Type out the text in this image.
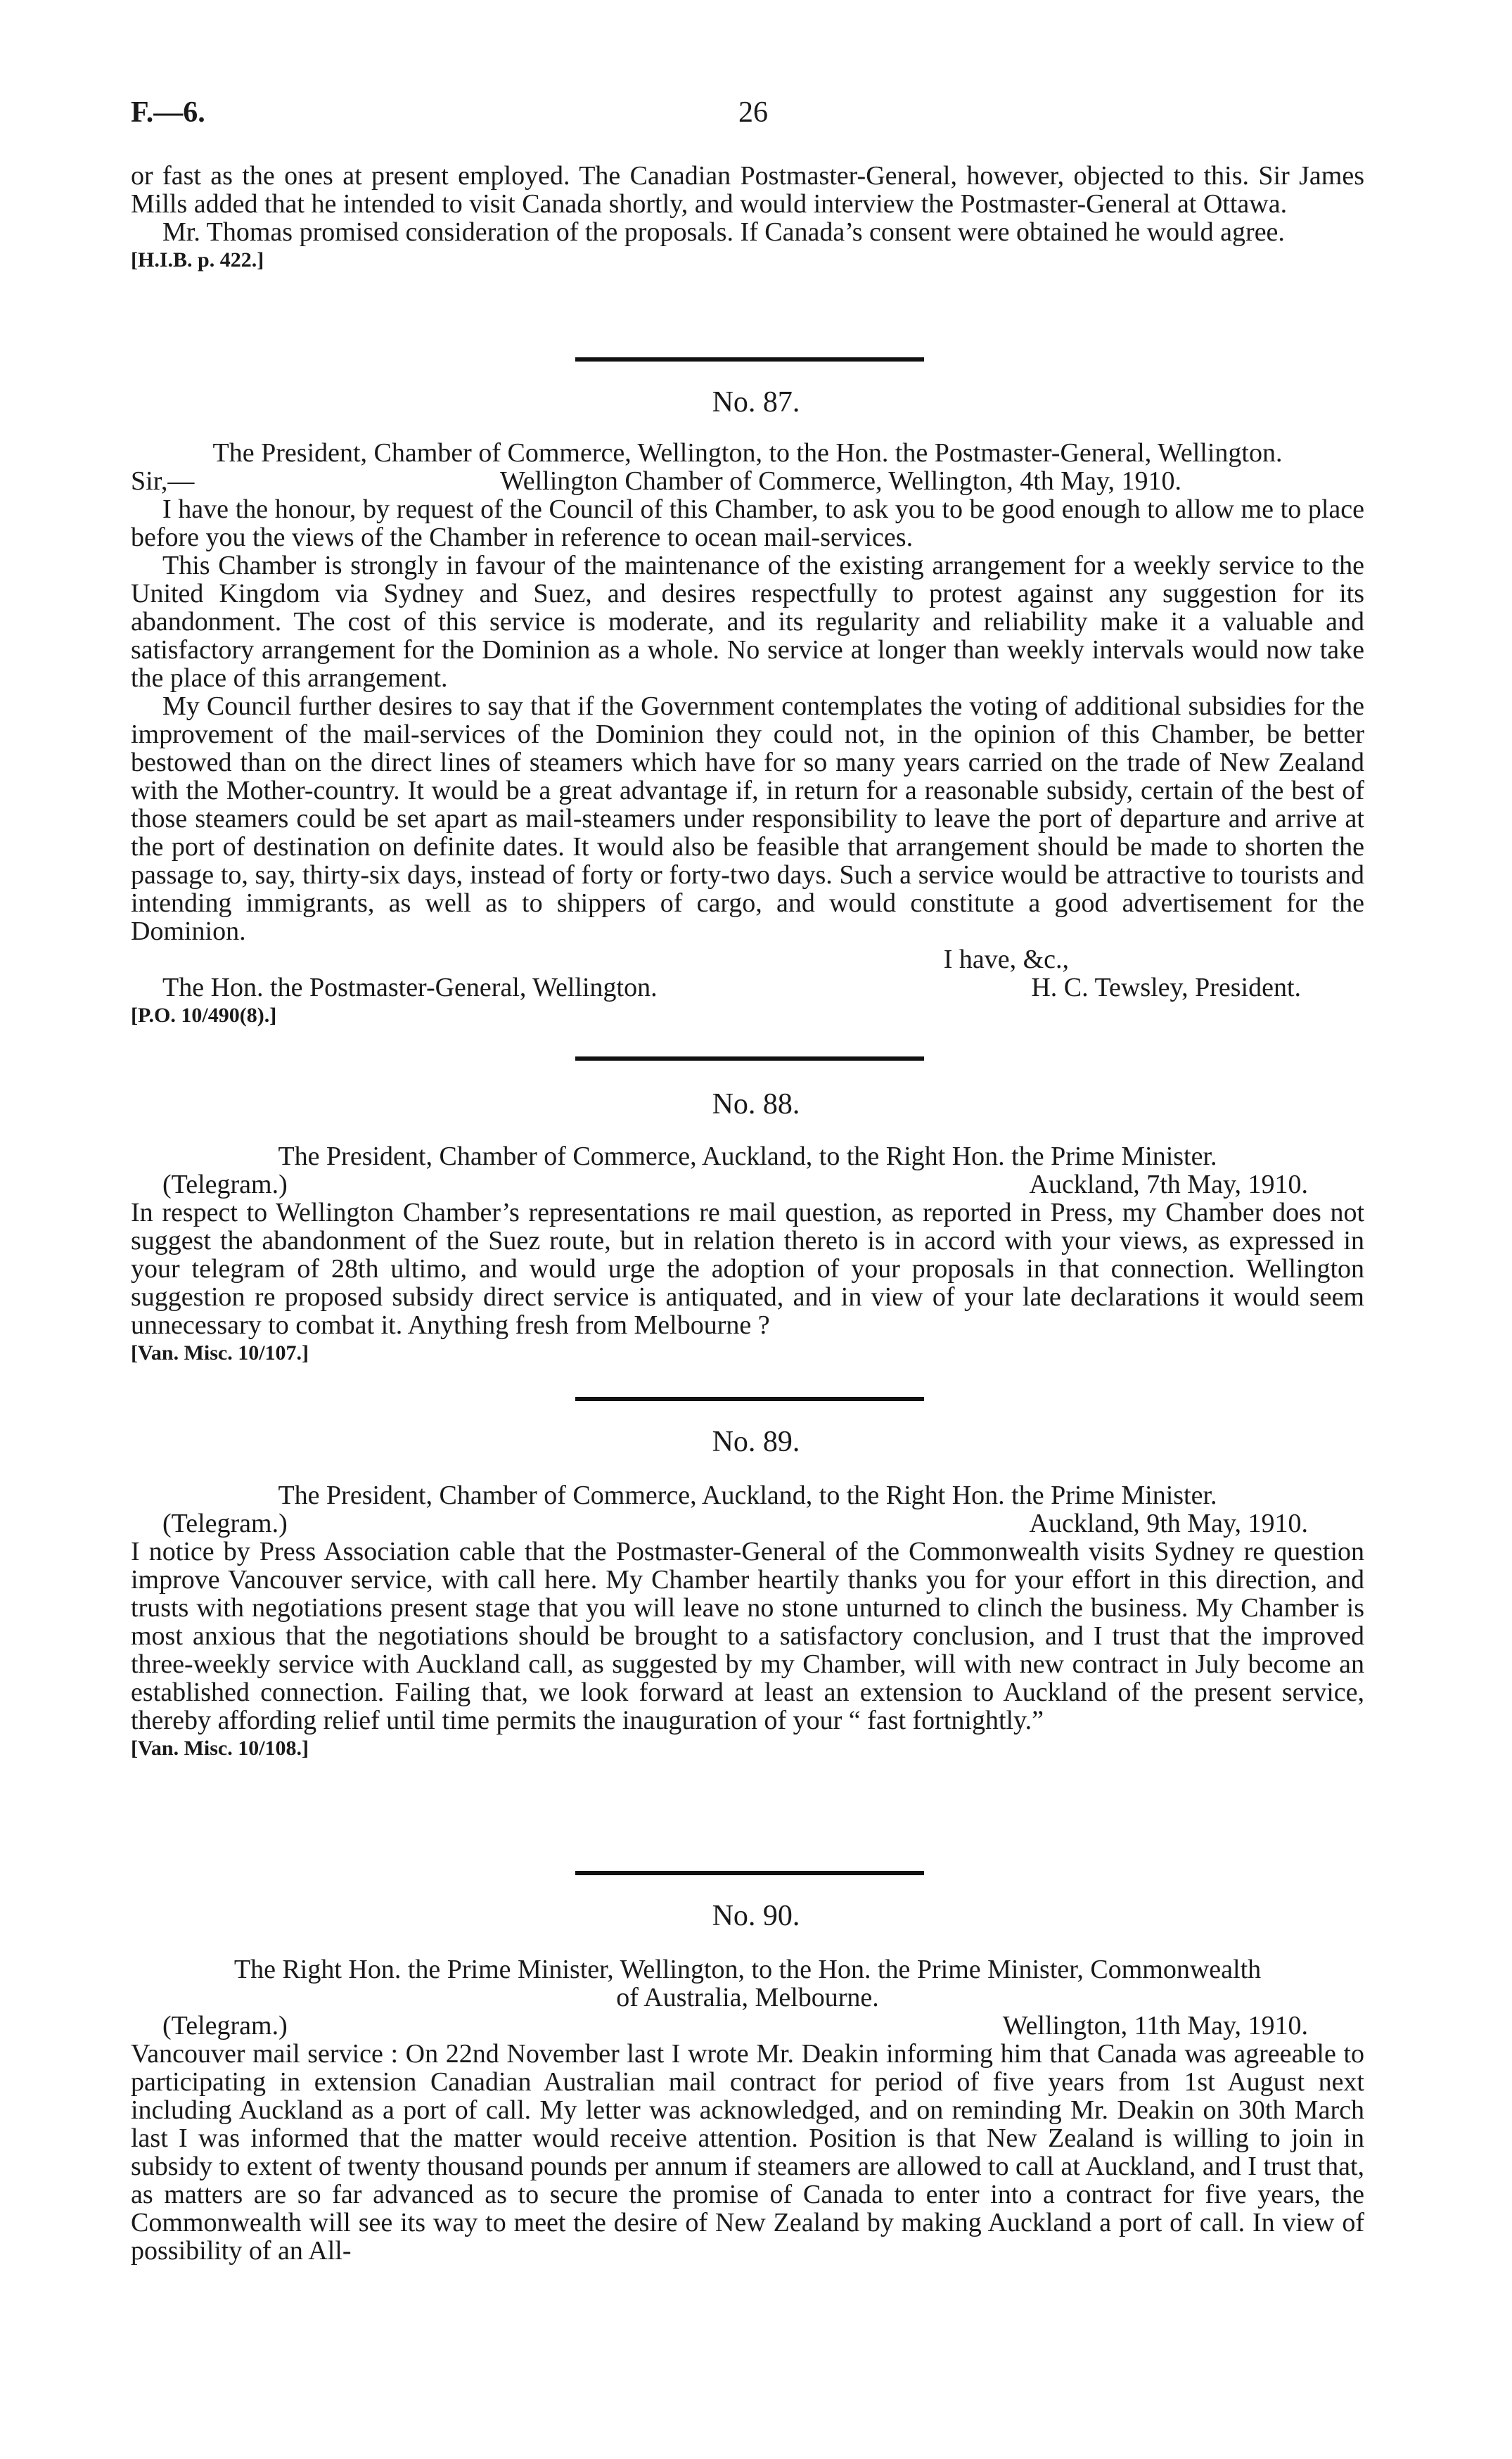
F.—6.	26

or fast as the ones at present employed. The Canadian Postmaster-General, however, objected to this. Sir James Mills added that he intended to visit Canada shortly, and would interview the Postmaster-General at Ottawa.

Mr. Thomas promised consideration of the proposals. If Canada’s consent were obtained he would agree.

[H.I.B. p. 422.]

No. 87.

The President, Chamber of Commerce, Wellington, to the Hon. the Postmaster-General, Wellington.

Sir,—	Wellington Chamber of Commerce, Wellington, 4th May, 1910.

I have the honour, by request of the Council of this Chamber, to ask you to be good enough to allow me to place before you the views of the Chamber in reference to ocean mail-services.

This Chamber is strongly in favour of the maintenance of the existing arrangement for a weekly service to the United Kingdom via Sydney and Suez, and desires respectfully to protest against any suggestion for its abandonment. The cost of this service is moderate, and its regularity and reliability make it a valuable and satisfactory arrangement for the Dominion as a whole. No service at longer than weekly intervals would now take the place of this arrangement.

My Council further desires to say that if the Government contemplates the voting of additional subsidies for the improvement of the mail-services of the Dominion they could not, in the opinion of this Chamber, be better bestowed than on the direct lines of steamers which have for so many years carried on the trade of New Zealand with the Mother-country. It would be a great advantage if, in return for a reasonable subsidy, certain of the best of those steamers could be set apart as mail-steamers under responsibility to leave the port of departure and arrive at the port of destination on definite dates. It would also be feasible that arrangement should be made to shorten the passage to, say, thirty-six days, instead of forty or forty-two days. Such a service would be attractive to tourists and intending immigrants, as well as to shippers of cargo, and would constitute a good advertisement for the Dominion.

I have, &c.,

The Hon. the Postmaster-General, Wellington.	H. C. Tewsley, President.

[P.O. 10/490(8).]

No. 88.

The President, Chamber of Commerce, Auckland, to the Right Hon. the Prime Minister.

(Telegram.)	Auckland, 7th May, 1910.

In respect to Wellington Chamber’s representations re mail question, as reported in Press, my Chamber does not suggest the abandonment of the Suez route, but in relation thereto is in accord with your views, as expressed in your telegram of 28th ultimo, and would urge the adoption of your proposals in that connection. Wellington suggestion re proposed subsidy direct service is antiquated, and in view of your late declarations it would seem unnecessary to combat it. Anything fresh from Melbourne ?

[Van. Misc. 10/107.]

No. 89.

The President, Chamber of Commerce, Auckland, to the Right Hon. the Prime Minister.

(Telegram.)	Auckland, 9th May, 1910.

I notice by Press Association cable that the Postmaster-General of the Commonwealth visits Sydney re question improve Vancouver service, with call here. My Chamber heartily thanks you for your effort in this direction, and trusts with negotiations present stage that you will leave no stone unturned to clinch the business. My Chamber is most anxious that the negotiations should be brought to a satisfactory conclusion, and I trust that the improved three-weekly service with Auckland call, as suggested by my Chamber, will with new contract in July become an established connection. Failing that, we look forward at least an extension to Auckland of the present service, thereby affording relief until time permits the inauguration of your “ fast fortnightly.”

[Van. Misc. 10/108.]

No. 90.

The Right Hon. the Prime Minister, Wellington, to the Hon. the Prime Minister, Commonwealth

of Australia, Melbourne.

(Telegram.)	Wellington, 11th May, 1910.

Vancouver mail service : On 22nd November last I wrote Mr. Deakin informing him that Canada was agreeable to participating in extension Canadian Australian mail contract for period of five years from 1st August next including Auckland as a port of call. My letter was acknowledged, and on reminding Mr. Deakin on 30th March last I was informed that the matter would receive attention. Position is that New Zealand is willing to join in subsidy to extent of twenty thousand pounds per annum if steamers are allowed to call at Auckland, and I trust that, as matters are so far advanced as to secure the promise of Canada to enter into a contract for five years, the Commonwealth will see its way to meet the desire of New Zealand by making Auckland a port of call. In view of possibility of an All-
